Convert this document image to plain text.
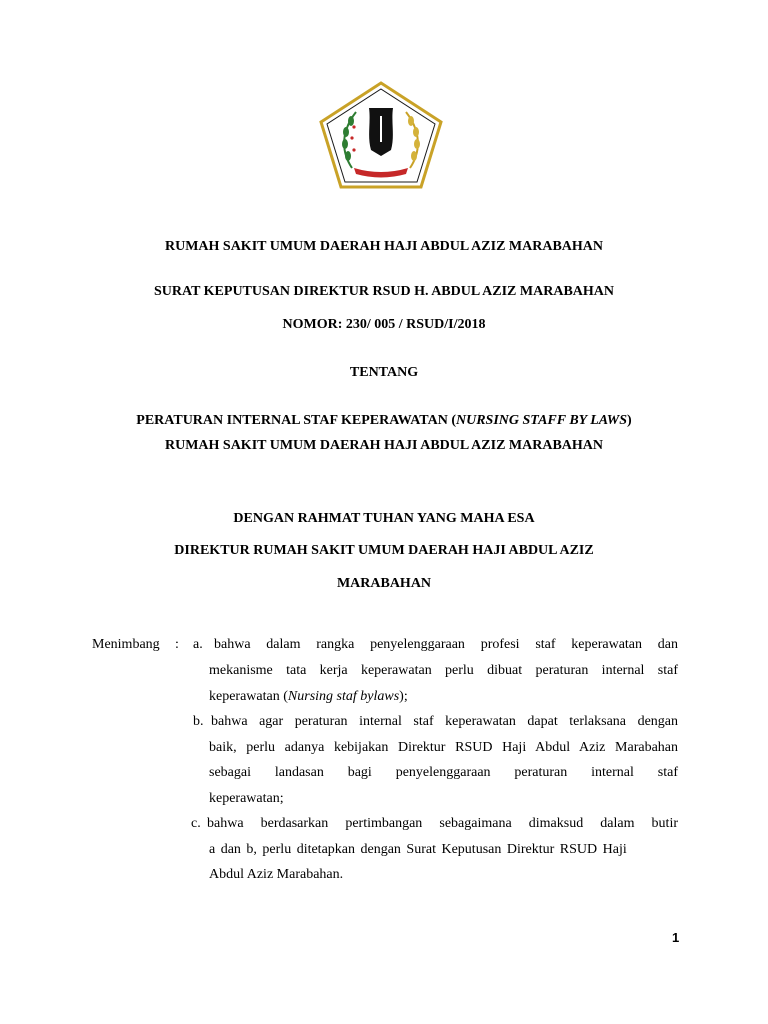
RUMAH SAKIT UMUM DAERAH HAJI ABDUL AZIZ MARABAHAN
SURAT KEPUTUSAN DIREKTUR RSUD H. ABDUL AZIZ MARABAHAN
NOMOR: 230/ 005 / RSUD/I/2018
TENTANG
PERATURAN INTERNAL STAF KEPERAWATAN (NURSING STAFF BY LAWS)
RUMAH SAKIT UMUM DAERAH HAJI ABDUL AZIZ MARABAHAN
DENGAN RAHMAT TUHAN YANG MAHA ESA
DIREKTUR RUMAH SAKIT UMUM DAERAH HAJI ABDUL AZIZ
MARABAHAN
Menimbang : a. bahwa dalam rangka penyelenggaraan profesi staf keperawatan dan
mekanisme tata kerja keperawatan perlu dibuat peraturan internal staf
keperawatan (Nursing staf bylaws);
b. bahwa agar peraturan internal staf keperawatan dapat terlaksana dengan
baik, perlu adanya kebijakan Direktur RSUD Haji Abdul Aziz Marabahan
sebagai landasan bagi penyelenggaraan peraturan internal staf
keperawatan;
c. bahwa berdasarkan pertimbangan sebagaimana dimaksud dalam butir
a dan b, perlu ditetapkan dengan Surat Keputusan Direktur RSUD Haji
Abdul Aziz Marabahan.
1
